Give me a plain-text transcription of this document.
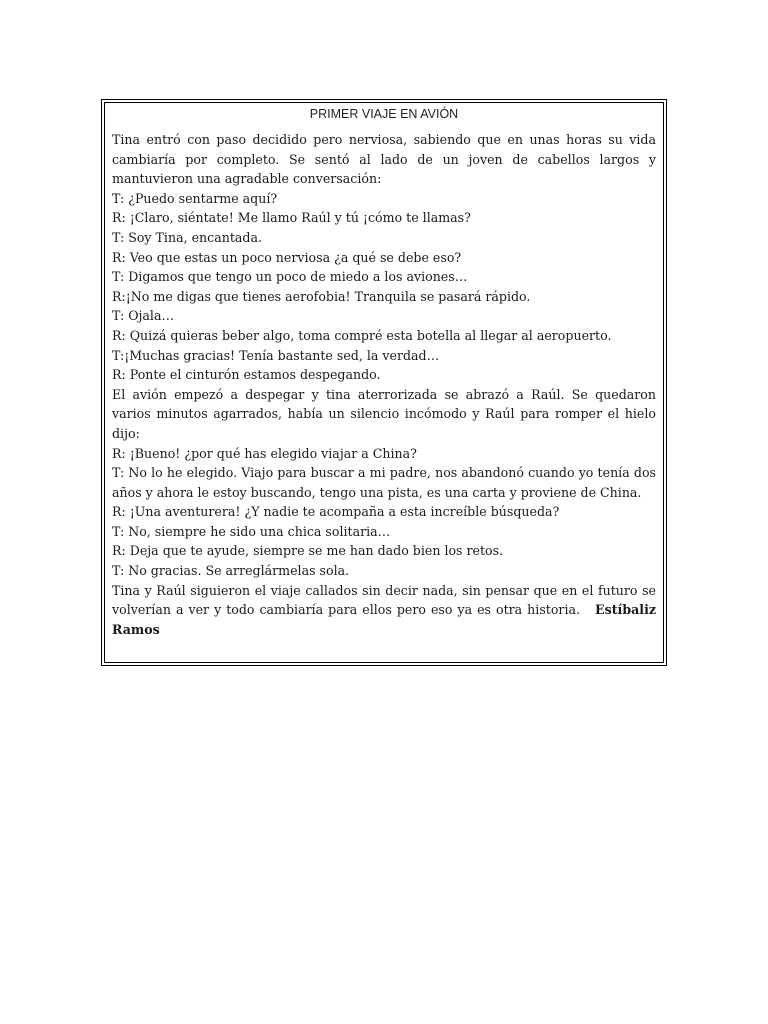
PRIMER VIAJE EN AVIÓN

Tina entró con paso decidido pero nerviosa, sabiendo que en unas horas su vida cambiaría por completo. Se sentó al lado de un joven de cabellos largos y mantuvieron una agradable conversación:

T: ¿Puedo sentarme aquí?
R: ¡Claro, siéntate! Me llamo Raúl y tú ¡cómo te llamas?
T: Soy Tina, encantada.
R: Veo que estas un poco nerviosa ¿a qué se debe eso?
T: Digamos que tengo un poco de miedo a los aviones…
R:¡No me digas que tienes aerofobia! Tranquila se pasará rápido.
T: Ojala…
R: Quizá quieras beber algo, toma compré esta botella al llegar al aeropuerto.
T:¡Muchas gracias! Tenía bastante sed, la verdad…
R: Ponte el cinturón estamos despegando.

El avión empezó a despegar y tina aterrorizada se abrazó a Raúl. Se quedaron varios minutos agarrados, había un silencio incómodo y Raúl para romper el hielo dijo:

R: ¡Bueno! ¿por qué has elegido viajar a China?

T: No lo he elegido. Viajo para buscar a mi padre, nos abandonó cuando yo tenía dos años y ahora le estoy buscando, tengo una pista, es una carta y proviene de China.

R: ¡Una aventurera! ¿Y nadie te acompaña a esta increíble búsqueda?
T: No, siempre he sido una chica solitaria…
R: Deja que te ayude, siempre se me han dado bien los retos.
T: No gracias. Se arreglármelas sola.

Tina y Raúl siguieron el viaje callados sin decir nada, sin pensar que en el futuro se volverían a ver y todo cambiaría para ellos pero eso ya es otra historia. Estíbaliz Ramos
